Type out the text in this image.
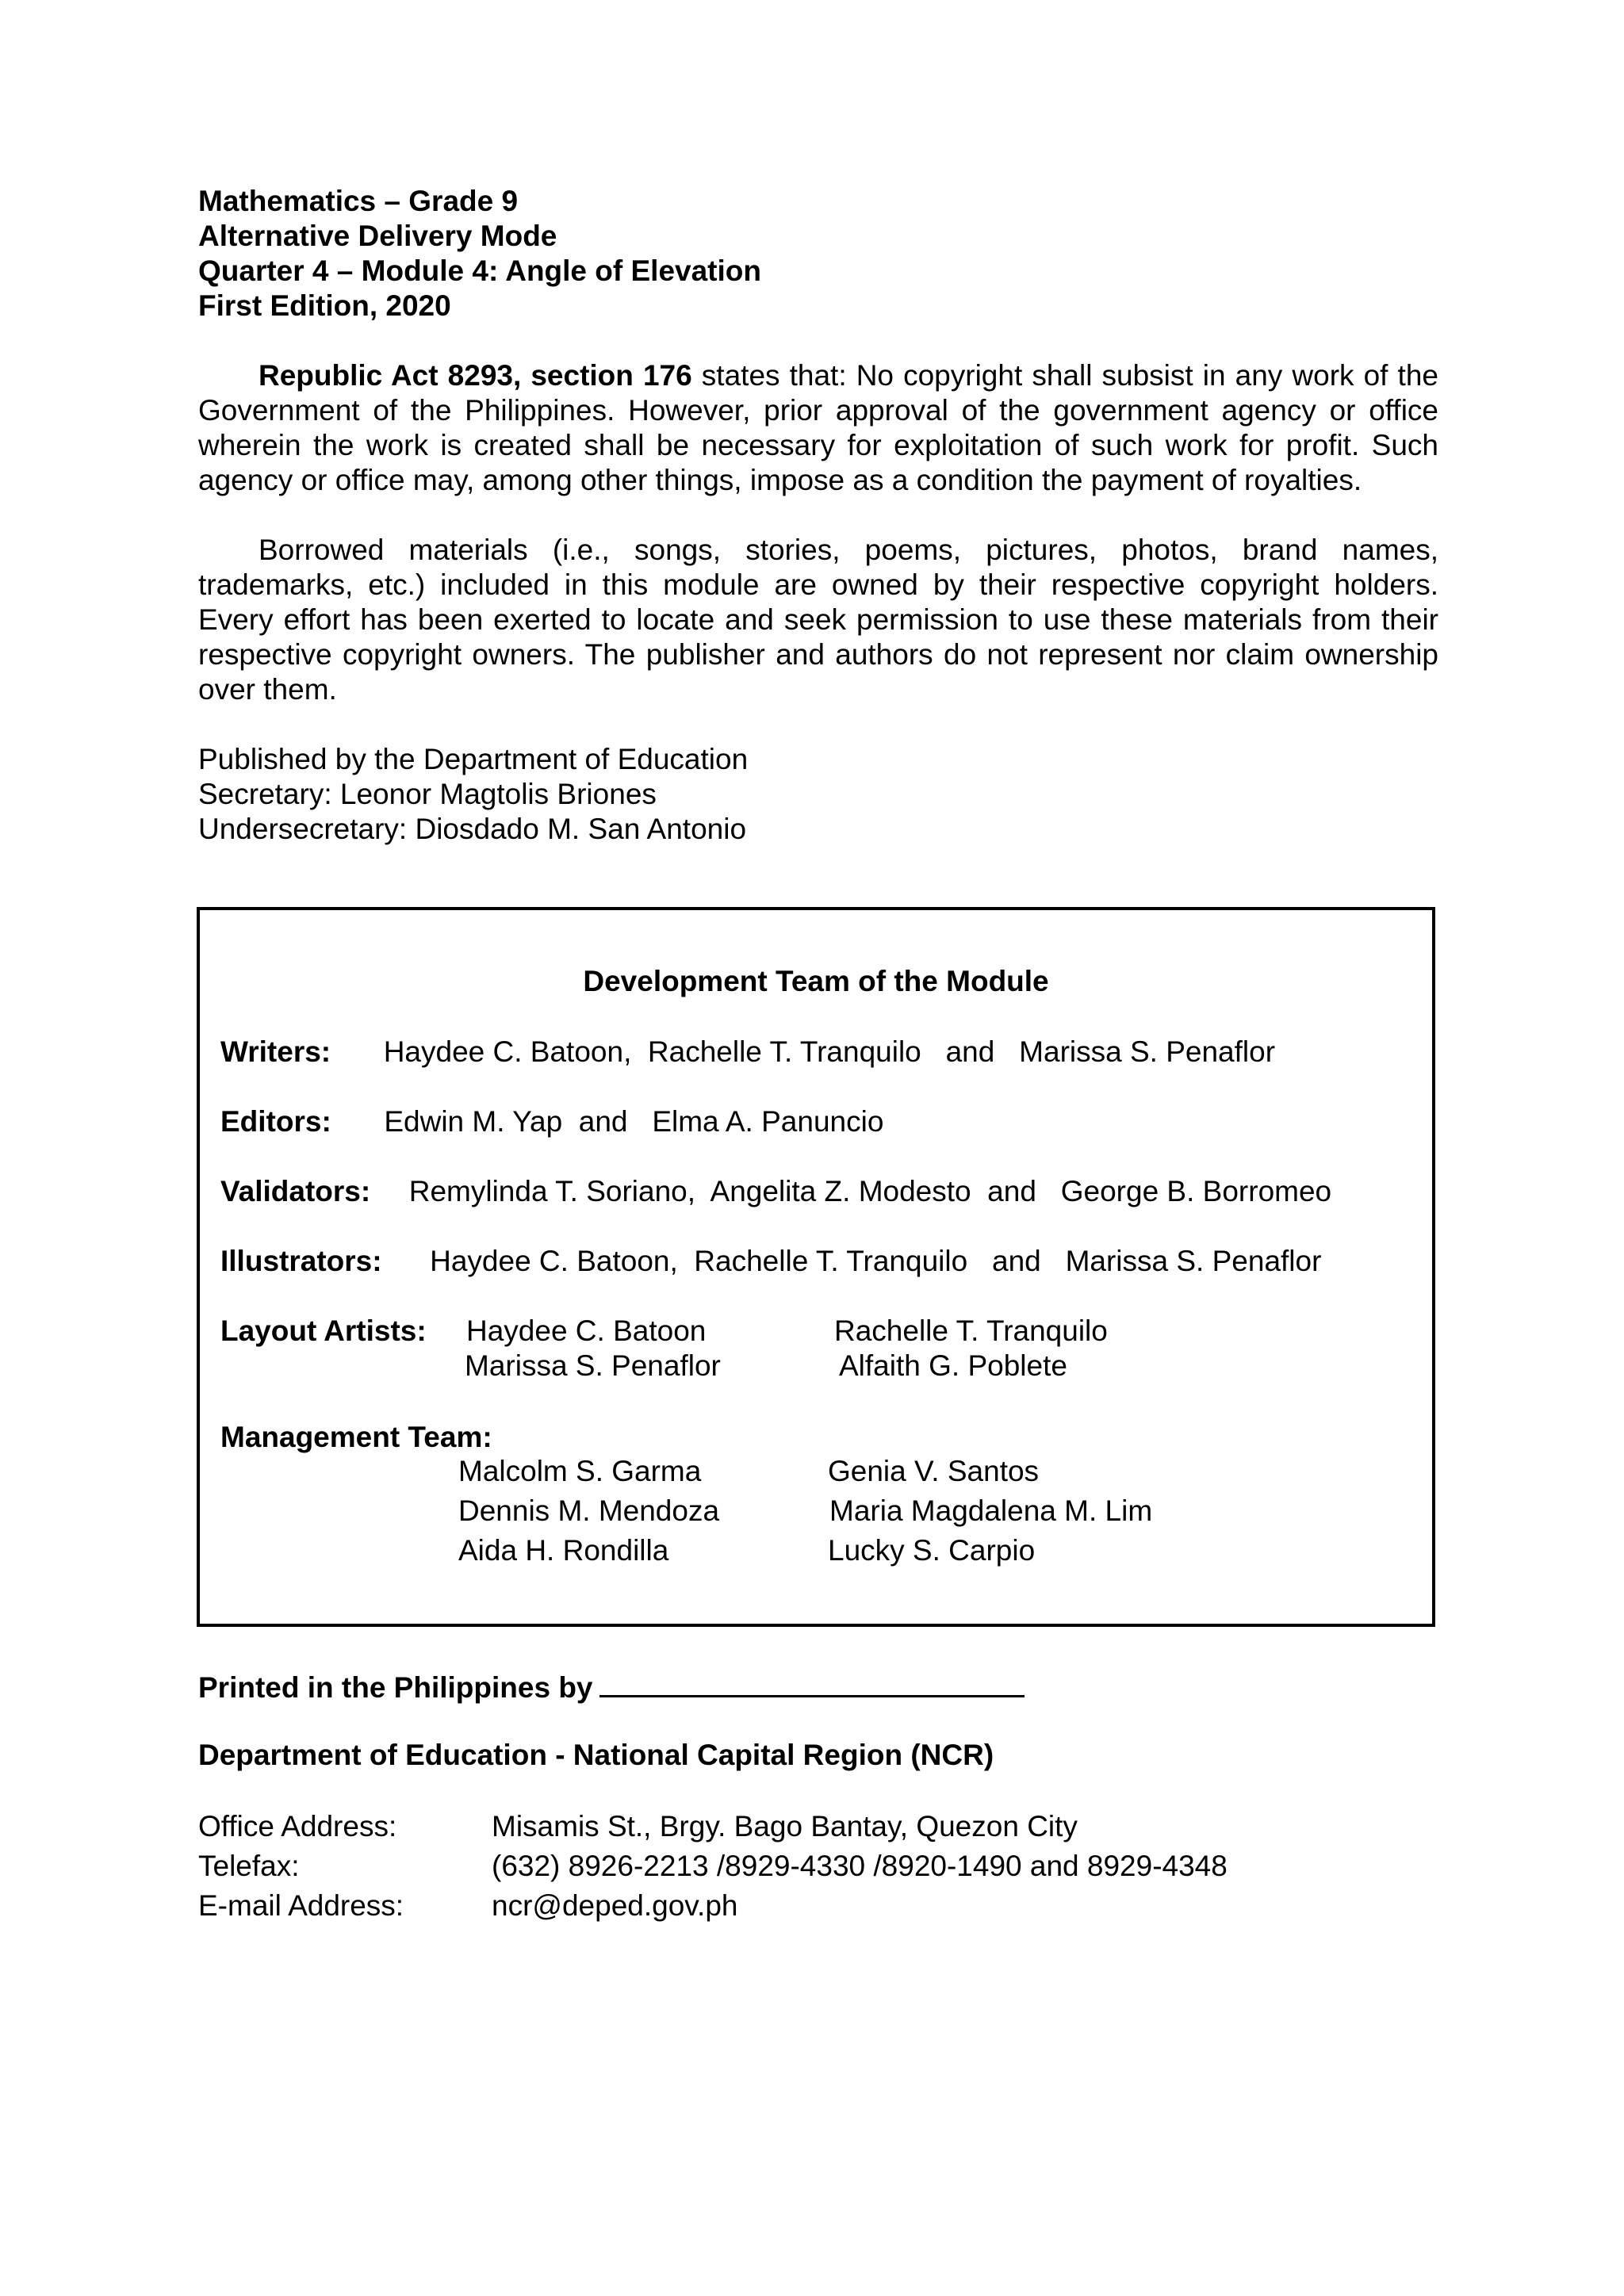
Mathematics – Grade 9
Alternative Delivery Mode
Quarter 4 – Module 4: Angle of Elevation
First Edition, 2020

Republic Act 8293, section 176 states that: No copyright shall subsist in any work of the Government of the Philippines. However, prior approval of the government agency or office wherein the work is created shall be necessary for exploitation of such work for profit. Such agency or office may, among other things, impose as a condition the payment of royalties.

Borrowed materials (i.e., songs, stories, poems, pictures, photos, brand names, trademarks, etc.) included in this module are owned by their respective copyright holders. Every effort has been exerted to locate and seek permission to use these materials from their respective copyright owners. The publisher and authors do not represent nor claim ownership over them.

Published by the Department of Education
Secretary: Leonor Magtolis Briones
Undersecretary: Diosdado M. San Antonio
Development Team of the Module
Writers: Haydee C. Batoon,  Rachelle T. Tranquilo   and   Marissa S. Penaflor
Editors: Edwin M. Yap  and   Elma A. Panuncio
Validators: Remylinda T. Soriano,  Angelita Z. Modesto  and   George B. Borromeo
Illustrators: Haydee C. Batoon,  Rachelle T. Tranquilo   and   Marissa S. Penaflor
Layout Artists: Haydee C. Batoon	Rachelle T. Tranquilo
Marissa S. Penaflor	Alfaith G. Poblete
Management Team:
Malcolm S. Garma	Genia V. Santos
Dennis M. Mendoza	Maria Magdalena M. Lim
Aida H. Rondilla	Lucky S. Carpio
Printed in the Philippines by
Department of Education - National Capital Region (NCR)
Office Address:	Misamis St., Brgy. Bago Bantay, Quezon City
Telefax:	(632) 8926-2213 /8929-4330 /8920-1490 and 8929-4348
E-mail Address:	ncr@deped.gov.ph
